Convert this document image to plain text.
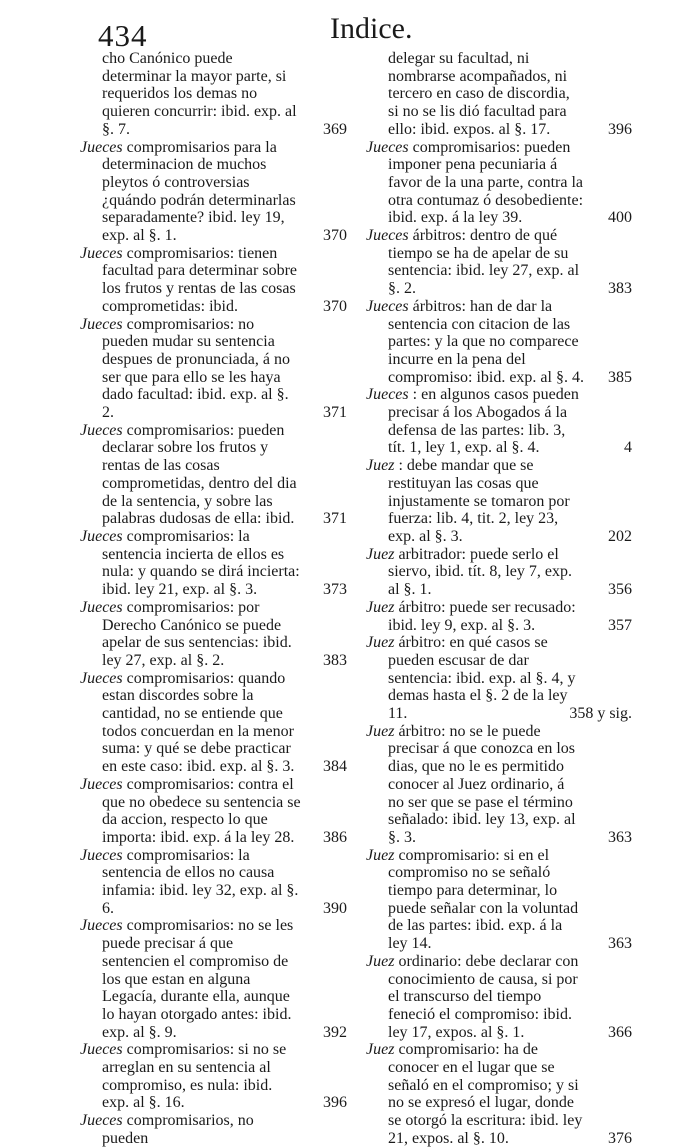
434	Indice.

cho Canónico puede determinar la mayor parte, si requeridos los demas no quieren concurrir: ibid. exp. al §. 7.	369

Jueces compromisarios para la determinacion de muchos pleytos ó controversias ¿quándo podrán determinarlas separadamente? ibid. ley 19, exp. al §. 1.	370

Jueces compromisarios: tienen facultad para determinar sobre los frutos y rentas de las cosas comprometidas: ibid.	370

Jueces compromisarios: no pueden mudar su sentencia despues de pronunciada, á no ser que para ello se les haya dado facultad: ibid. exp. al §. 2.	371

Jueces compromisarios: pueden declarar sobre los frutos y rentas de las cosas comprometidas, dentro del dia de la sentencia, y sobre las palabras dudosas de ella: ibid. 371

Jueces compromisarios: la sentencia incierta de ellos es nula: y quando se dirá incierta: ibid. ley 21, exp. al §. 3.	373

Jueces compromisarios: por Derecho Canónico se puede apelar de sus sentencias: ibid. ley 27, exp. al §. 2.	383

Jueces compromisarios: quando estan discordes sobre la cantidad, no se entiende que todos concuerdan en la menor suma: y qué se debe practicar en este caso: ibid. exp. al §. 3. 384

Jueces compromisarios: contra el que no obedece su sentencia se da accion, respecto lo que importa: ibid. exp. á la ley 28. 386

Jueces compromisarios: la sentencia de ellos no causa infamia: ibid. ley 32, exp. al §. 6.	390

Jueces compromisarios: no se les puede precisar á que sentencien el compromiso de los que estan en alguna Legacía, durante ella, aunque lo hayan otorgado antes: ibid. exp. al §. 9.	392

Jueces compromisarios: si no se arreglan en su sentencia al compromiso, es nula: ibid. exp. al §. 16.	396

Jueces compromisarios, no pueden

delegar su facultad, ni nombrarse acompañados, ni tercero en caso de discordia, si no se lis dió facultad para ello: ibid. expos. al §. 17.	396

Jueces compromisarios: pueden imponer pena pecuniaria á favor de la una parte, contra la otra contumaz ó desobediente: ibid. exp. á la ley 39.	400

Jueces árbitros: dentro de qué tiempo se ha de apelar de su sentencia: ibid. ley 27, exp. al §. 2.	383

Jueces árbitros: han de dar la sentencia con citacion de las partes: y la que no comparece incurre en la pena del compromiso: ibid. exp. al §. 4. 385

Jueces : en algunos casos pueden precisar á los Abogados á la defensa de las partes: lib. 3, tít. 1, ley 1, exp. al §. 4.	4

Juez : debe mandar que se restituyan las cosas que injustamente se tomaron por fuerza: lib. 4, tit. 2, ley 23, exp. al §. 3.	202

Juez arbitrador: puede serlo el siervo, ibid. tít. 8, ley 7, exp. al §. 1.	356

Juez árbitro: puede ser recusado: ibid. ley 9, exp. al §. 3.	357

Juez árbitro: en qué casos se pueden escusar de dar sentencia: ibid. exp. al §. 4, y demas hasta el §. 2 de la ley 11.	358 y sig.

Juez árbitro: no se le puede precisar á que conozca en los dias, que no le es permitido conocer al Juez ordinario, á no ser que se pase el término señalado: ibid. ley 13, exp. al §. 3.	363

Juez compromisario: si en el compromiso no se señaló tiempo para determinar, lo puede señalar con la voluntad de las partes: ibid. exp. á la ley 14.	363

Juez ordinario: debe declarar con conocimiento de causa, si por el transcurso del tiempo feneció el compromiso: ibid. ley 17, expos. al §. 1.	366

Juez compromisario: ha de conocer en el lugar que se señaló en el compromiso; y si no se expresó el lugar, donde se otorgó la escritura: ibid. ley 21, expos. al §. 10.	376
